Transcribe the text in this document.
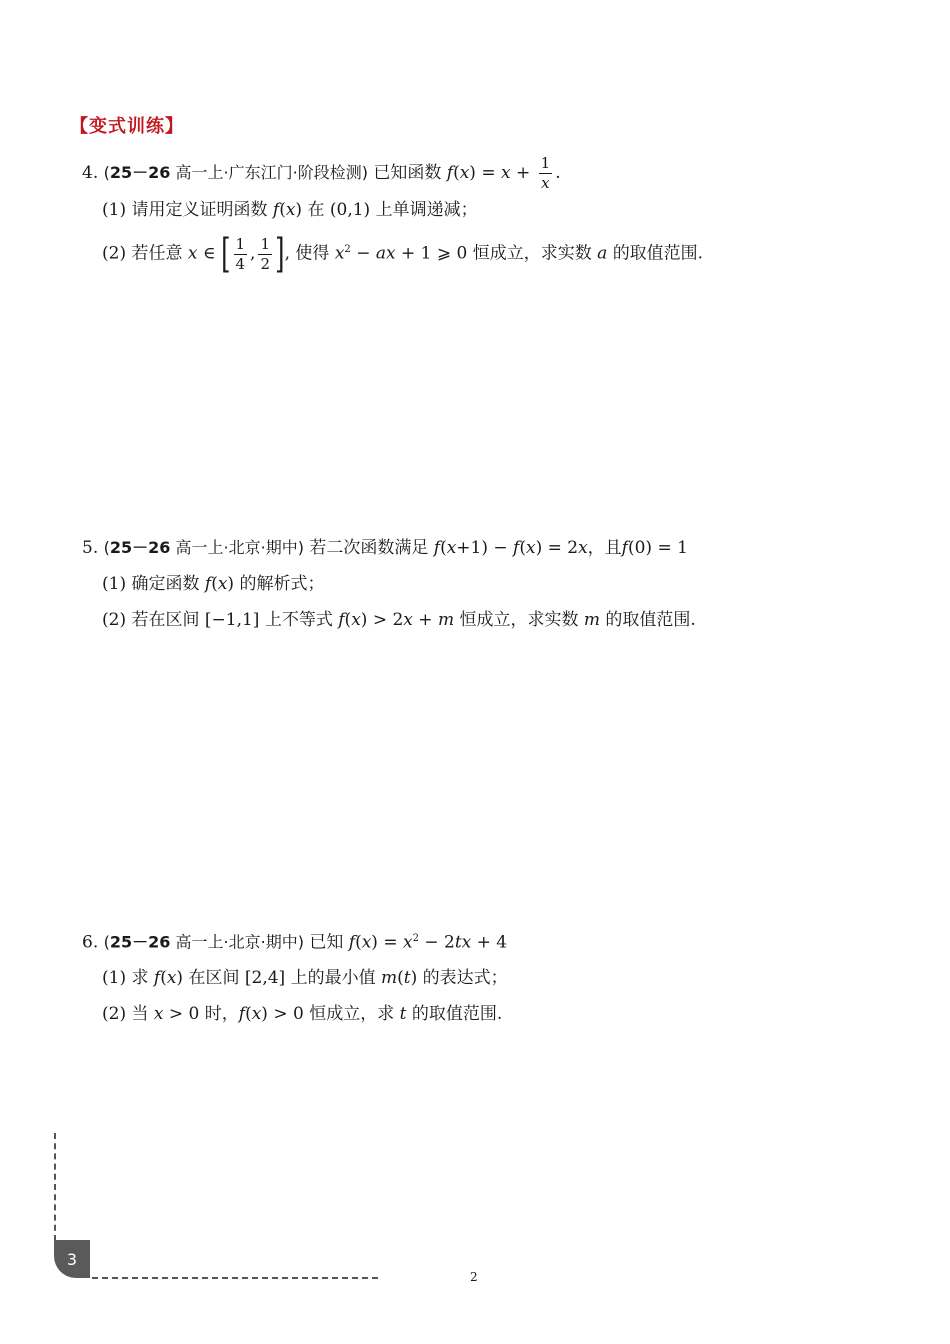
【变式训练】
4. (25－26 高一上·广东江门·阶段检测) 已知函数 $f(x) = x + \frac{1}{x}$ .
(1) 请用定义证明函数 f(x) 在 (0,1) 上单调递减；
(2) 若任意 x ∈ [ $\frac{1}{4}$ , $\frac{1}{2}$ ], 使得 $x^2$ − ax + 1 ⩾ 0 恒成立，求实数 a 的取值范围.
5. (25－26 高一上·北京·期中) 若二次函数满足 f(x+1) − f(x) = 2x，且f(0) = 1
(1) 确定函数 f(x) 的解析式；
(2) 若在区间 [−1,1] 上不等式 f(x) > 2x + m 恒成立，求实数 m 的取值范围.
6. (25－26 高一上·北京·期中) 已知 $f(x) = x^2 - 2tx + 4$
(1) 求 f(x) 在区间 [2,4] 上的最小值 m(t) 的表达式；
(2) 当 x > 0 时，f(x) > 0 恒成立，求 t 的取值范围.
3
2
